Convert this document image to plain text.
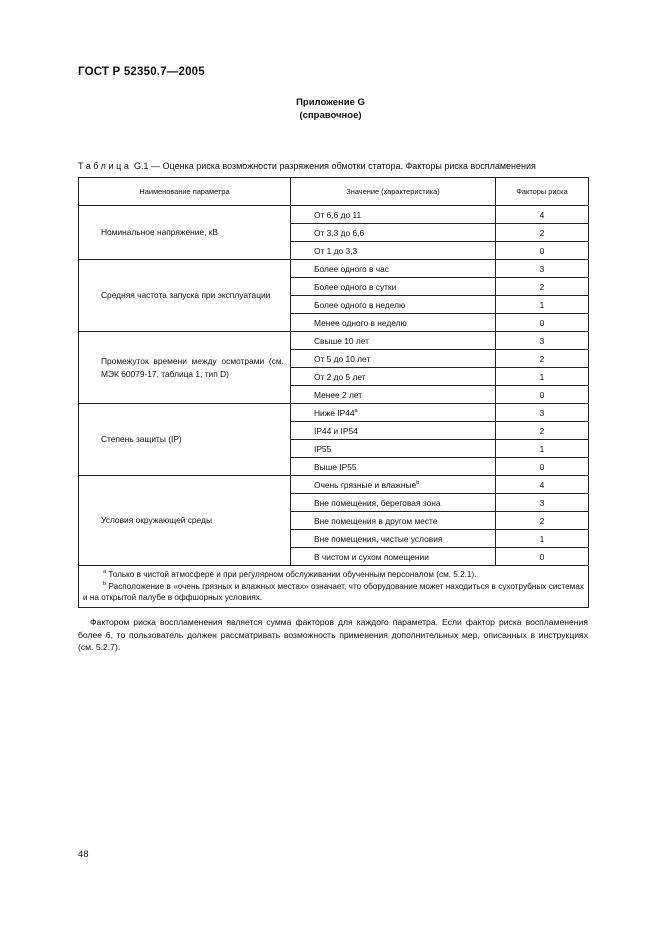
ГОСТ Р 52350.7—2005
Приложение G
(справочное)
Таблица G.1 — Оценка риска возможности разряжения обмотки статора. Факторы риска воспламенения
Наименование параметра	Значение (характеристика)	Факторы риска
Номинальное напряжение, кВ	От 6,6 до 11	4
	От 3,3 до 6,6	2
	От 1 до 3,3	0
Средняя частота запуска при эксплуатации	Более одного в час	3
	Более одного в сутки	2
	Более одного в неделю	1
	Менее одного в неделю	0
Промежуток времени между осмотрами (см. МЭК 60079-17, таблица 1, тип D)	Свыше 10 лет	3
	От 5 до 10 лет	2
	От 2 до 5 лет	1
	Менее 2 лет	0
Степень защиты (IP)	Ниже $IP44^а$	3
	IP44 и IP54	2
	IP55	1
	Выше IP55	0
Условия окружающей среды	Очень грязные и влажные$^b$	4
	Вне помещения, береговая зона	3
	Вне помещения в другом месте	2
	Вне помещения, чистые условия	1
	В чистом и сухом помещении	0

$^а$ Только в чистой атмосфере и при регулярном обслуживании обученным персоналом (см. 5.2.1).
$^b$ Расположение в «очень грязных и влажных местах» означает, что оборудование может находиться в сухотрубных системах и на открытой палубе в оффшорных условиях.		
Фактором риска воспламенения является сумма факторов для каждого параметра. Если фактор риска воспламенения более 6, то пользователь должен рассматривать возможность применения дополнительных мер, описанных в инструкциях (см. 5.2.7).
48
